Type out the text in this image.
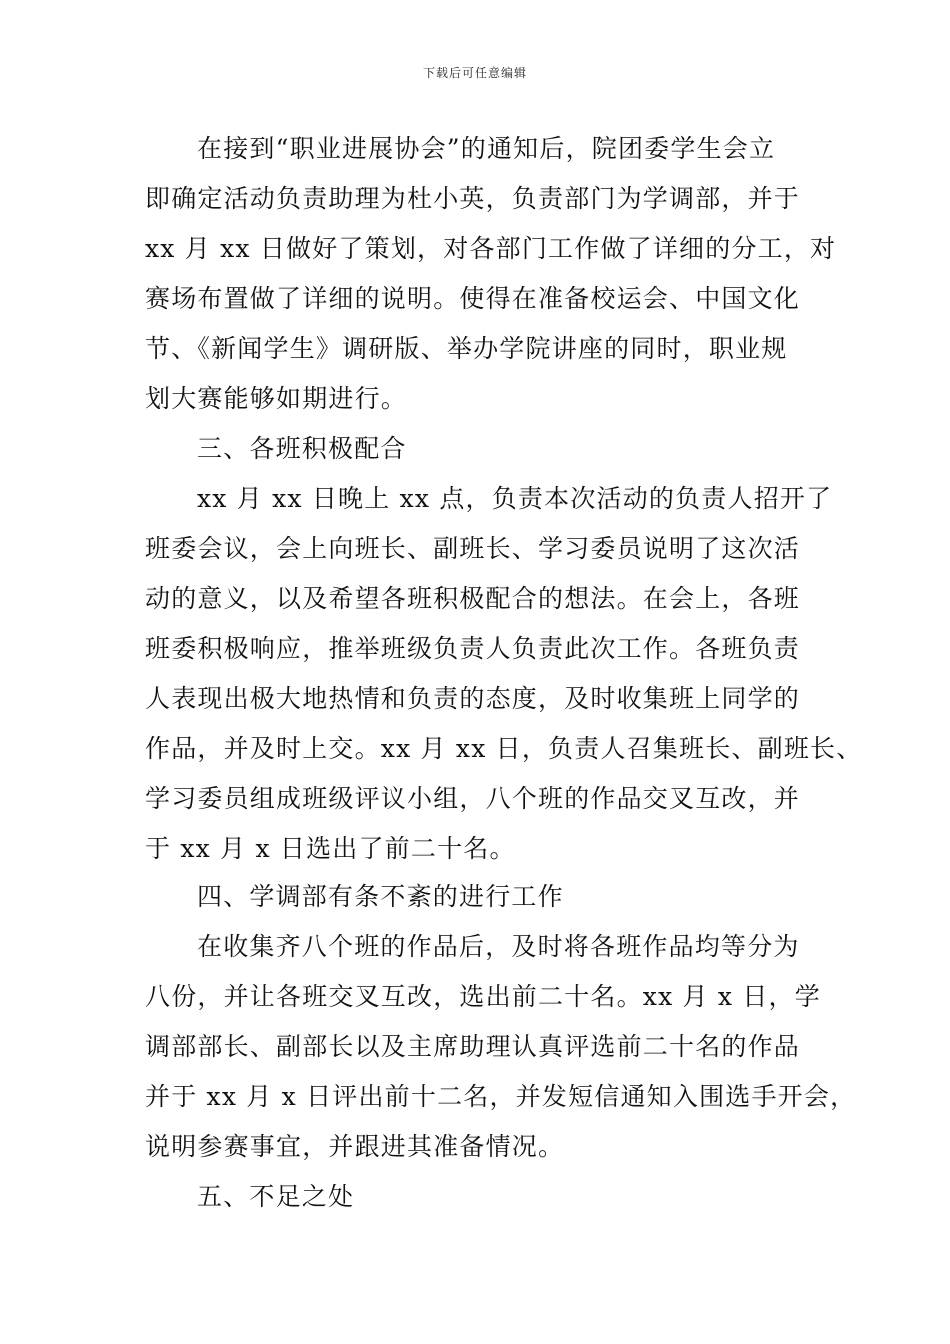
下载后可任意编辑
在接到“职业进展协会”的通知后，院团委学生会立
即确定活动负责助理为杜小英，负责部门为学调部，并于
xx 月 xx 日做好了策划，对各部门工作做了详细的分工，对
赛场布置做了详细的说明。使得在准备校运会、中国文化
节、《新闻学生》调研版、举办学院讲座的同时，职业规
划大赛能够如期进行。
三、各班积极配合
xx 月 xx 日晚上 xx 点，负责本次活动的负责人招开了
班委会议，会上向班长、副班长、学习委员说明了这次活
动的意义，以及希望各班积极配合的想法。在会上，各班
班委积极响应，推举班级负责人负责此次工作。各班负责
人表现出极大地热情和负责的态度，及时收集班上同学的
作品，并及时上交。xx 月 xx 日，负责人召集班长、副班长、
学习委员组成班级评议小组，八个班的作品交叉互改，并
于 xx 月 x 日选出了前二十名。
四、学调部有条不紊的进行工作
在收集齐八个班的作品后，及时将各班作品均等分为
八份，并让各班交叉互改，选出前二十名。xx 月 x 日，学
调部部长、副部长以及主席助理认真评选前二十名的作品
并于 xx 月 x 日评出前十二名，并发短信通知入围选手开会，
说明参赛事宜，并跟进其准备情况。
五、不足之处
